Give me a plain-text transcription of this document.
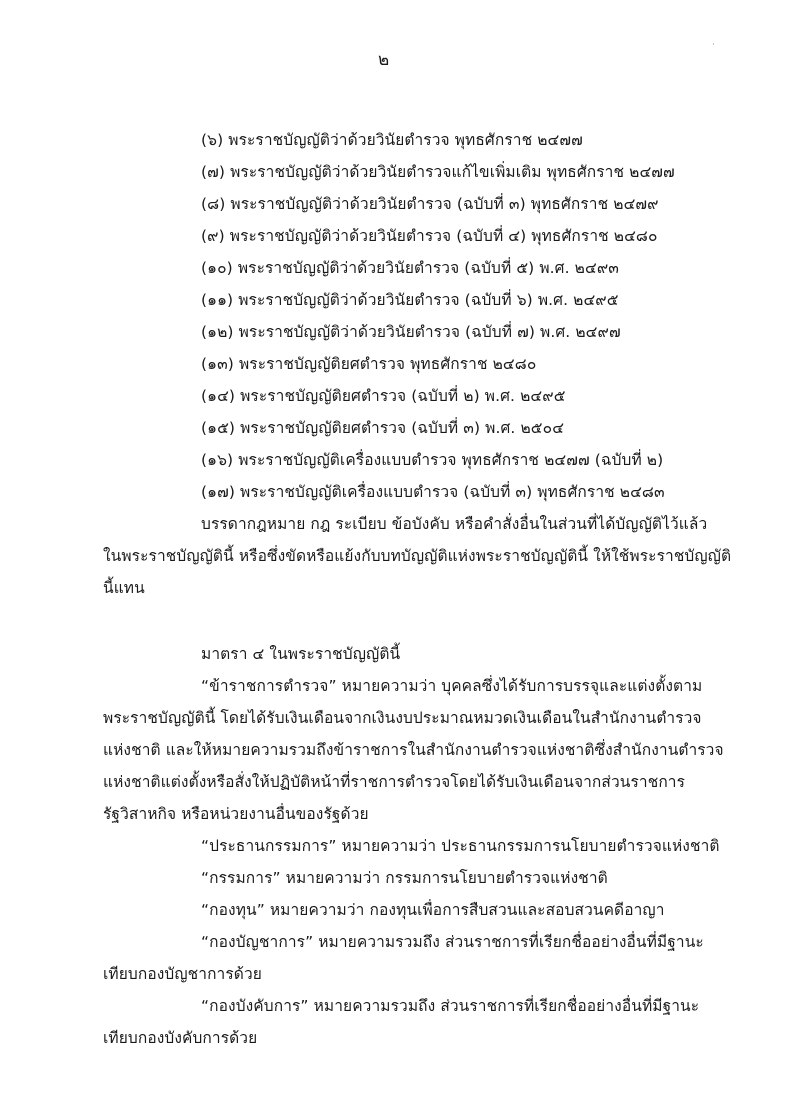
·
๒
(๖) พระราชบัญญัติว่าด้วยวินัยตำรวจ พุทธศักราช ๒๔๗๗
(๗) พระราชบัญญัติว่าด้วยวินัยตำรวจแก้ไขเพิ่มเติม พุทธศักราช ๒๔๗๗
(๘) พระราชบัญญัติว่าด้วยวินัยตำรวจ (ฉบับที่ ๓) พุทธศักราช ๒๔๗๙
(๙) พระราชบัญญัติว่าด้วยวินัยตำรวจ (ฉบับที่ ๔) พุทธศักราช ๒๔๘๐
(๑๐) พระราชบัญญัติว่าด้วยวินัยตำรวจ (ฉบับที่ ๕) พ.ศ. ๒๔๙๓
(๑๑) พระราชบัญญัติว่าด้วยวินัยตำรวจ (ฉบับที่ ๖) พ.ศ. ๒๔๙๕
(๑๒) พระราชบัญญัติว่าด้วยวินัยตำรวจ (ฉบับที่ ๗) พ.ศ. ๒๔๙๗
(๑๓) พระราชบัญญัติยศตำรวจ พุทธศักราช ๒๔๘๐
(๑๔) พระราชบัญญัติยศตำรวจ (ฉบับที่ ๒) พ.ศ. ๒๔๙๕
(๑๕) พระราชบัญญัติยศตำรวจ (ฉบับที่ ๓) พ.ศ. ๒๕๐๔
(๑๖) พระราชบัญญัติเครื่องแบบตำรวจ พุทธศักราช ๒๔๗๗ (ฉบับที่ ๒)
(๑๗) พระราชบัญญัติเครื่องแบบตำรวจ (ฉบับที่ ๓) พุทธศักราช ๒๔๘๓
บรรดากฎหมาย กฎ ระเบียบ ข้อบังคับ หรือคำสั่งอื่นในส่วนที่ได้บัญญัติไว้แล้ว
ในพระราชบัญญัตินี้ หรือซึ่งขัดหรือแย้งกับบทบัญญัติแห่งพระราชบัญญัตินี้ ให้ใช้พระราชบัญญัติ
นี้แทน
มาตรา ๔ ในพระราชบัญญัตินี้
“ข้าราชการตำรวจ” หมายความว่า บุคคลซึ่งได้รับการบรรจุและแต่งตั้งตาม
พระราชบัญญัตินี้ โดยได้รับเงินเดือนจากเงินงบประมาณหมวดเงินเดือนในสำนักงานตำรวจ
แห่งชาติ และให้หมายความรวมถึงข้าราชการในสำนักงานตำรวจแห่งชาติซึ่งสำนักงานตำรวจ
แห่งชาติแต่งตั้งหรือสั่งให้ปฏิบัติหน้าที่ราชการตำรวจโดยได้รับเงินเดือนจากส่วนราชการ
รัฐวิสาหกิจ หรือหน่วยงานอื่นของรัฐด้วย
“ประธานกรรมการ” หมายความว่า ประธานกรรมการนโยบายตำรวจแห่งชาติ
“กรรมการ” หมายความว่า กรรมการนโยบายตำรวจแห่งชาติ
“กองทุน” หมายความว่า กองทุนเพื่อการสืบสวนและสอบสวนคดีอาญา
“กองบัญชาการ” หมายความรวมถึง ส่วนราชการที่เรียกชื่ออย่างอื่นที่มีฐานะ
เทียบกองบัญชาการด้วย
“กองบังคับการ” หมายความรวมถึง ส่วนราชการที่เรียกชื่ออย่างอื่นที่มีฐานะ
เทียบกองบังคับการด้วย
